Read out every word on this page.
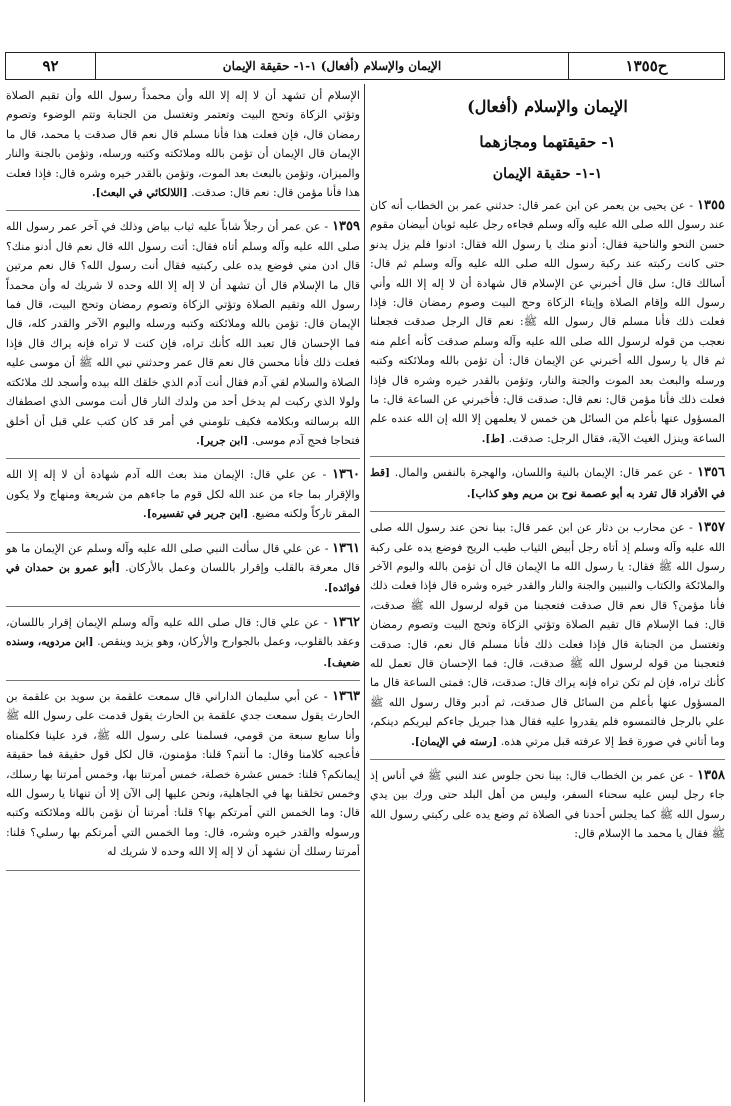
ح١٣٥٥
الإيمان والإسلام (أفعال) ١-١- حقيقة الإيمان
٩٢
الإيمان والإسلام (أفعال)
١- حقيقتهما ومجازهما
١-١- حقيقة الإيمان
١٣٥٥ - عن يحيى بن يعمر عن ابن عمر قال: حدثني عمر بن الخطاب أنه كان عند رسول الله صلى الله عليه وآله وسلم فجاءه رجل عليه ثوبان أبيضان مقوم حسن النحو والناحية فقال: أدنو منك يا رسول الله فقال: ادنوا فلم يزل يدنو حتى كانت ركبته عند ركبة رسول الله صلى الله عليه وآله وسلم ثم قال: أسالك قال: سل قال أخبرني عن الإسلام قال شهادة أن لا إله إلا الله وأني رسول الله وإقام الصلاة وإيتاء الزكاة وحج البيت وصوم رمضان قال: فإذا فعلت ذلك فأنا مسلم قال رسول الله ﷺ: نعم قال الرجل صدقت فجعلنا نعجب من قوله لرسول الله صلى الله عليه وآله وسلم صدقت كأنه أعلم منه ثم قال يا رسول الله أخبرني عن الإيمان قال: أن تؤمن بالله وملائكته وكتبه ورسله والبعث بعد الموت والجنة والنار، وتؤمن بالقدر خيره وشره قال فإذا فعلت ذلك فأنا مؤمن قال: نعم قال: صدقت قال: فأخبرني عن الساعة قال: ما المسؤول عنها بأعلم من السائل هن خمس لا يعلمهن إلا الله إن الله عنده علم الساعة وينزل الغيث الآية، فقال الرجل: صدقت. [ط].
١٣٥٦ - عن عمر قال: الإيمان بالنية واللسان، والهجرة بالنفس والمال. [قط في الأفراد قال تفرد به أبو عصمة نوح بن مريم وهو كذاب].
١٣٥٧ - عن محارب بن دثار عن ابن عمر قال: بينا نحن عند رسول الله صلى الله عليه وآله وسلم إذ أتاه رجل أبيض الثياب طيب الريح فوضع يده على ركبة رسول الله ﷺ فقال: يا رسول الله ما الإيمان قال أن تؤمن بالله واليوم الآخر والملائكة والكتاب والنبيين والجنة والنار والقدر خيره وشره قال فإذا فعلت ذلك فأنا مؤمن؟ قال نعم قال صدقت فتعجبنا من قوله لرسول الله ﷺ صدقت، قال: فما الإسلام قال تقيم الصلاة وتؤتي الزكاة وتحج البيت وتصوم رمضان وتغتسل من الجنابة قال فإذا فعلت ذلك فأنا مسلم قال نعم، قال: صدقت فتعجبنا من قوله لرسول الله ﷺ صدقت، قال: فما الإحسان قال تعمل لله كأنك تراه، فإن لم تكن تراه فإنه يراك قال: صدقت، قال: فمتى الساعة قال ما المسؤول عنها بأعلم من السائل قال صدقت، ثم أدبر وقال رسول الله ﷺ علي بالرجل فالتمسوه فلم يقدروا عليه فقال هذا جبريل جاءكم ليريكم دينكم، وما أتاني في صورة قط إلا عرفته قبل مرتي هذه. [رسته في الإيمان].
١٣٥٨ - عن عمر بن الخطاب قال: بينا نحن جلوس عند النبي ﷺ في أناس إذ جاء رجل ليس عليه سحناء السفر، وليس من أهل البلد حتى ورك بين يدي رسول الله ﷺ كما يجلس أحدنا في الصلاة ثم وضع يده على ركبتي رسول الله ﷺ فقال يا محمد ما الإسلام قال:
الإسلام أن تشهد أن لا إله إلا الله وأن محمداً رسول الله وأن تقيم الصلاة وتؤتي الزكاة وتحج البيت وتعتمر وتغتسل من الجنابة وتتم الوضوء وتصوم رمضان قال، فإن فعلت هذا فأنا مسلم قال نعم قال صدقت يا محمد، قال ما الإيمان قال الإيمان أن تؤمن بالله وملائكته وكتبه ورسله، وتؤمن بالجنة والنار والميزان، وتؤمن بالبعث بعد الموت، وتؤمن بالقدر خيره وشره قال: فإذا فعلت هذا فأنا مؤمن قال: نعم قال: صدقت. [اللالكائي في البعث].
١٣٥٩ - عن عمر أن رجلاً شاباً عليه ثياب بياض وذلك في آخر عمر رسول الله صلى الله عليه وآله وسلم أتاه فقال: أتت رسول الله قال نعم قال أدنو منك؟ قال ادن مني فوضع يده على ركبتيه فقال أنت رسول الله؟ قال نعم مرتين قال ما الإسلام قال أن تشهد أن لا إله إلا الله وحده لا شريك له وأن محمداً رسول الله وتقيم الصلاة وتؤتي الزكاة وتصوم رمضان وتحج البيت، قال فما الإيمان قال: تؤمن بالله وملائكته وكتبه ورسله واليوم الآخر والقدر كله، قال فما الإحسان قال تعبد الله كأنك تراه، فإن كنت لا تراه فإنه يراك قال فإذا فعلت ذلك فأنا محسن قال نعم قال عمر وحدثني نبي الله ﷺ أن موسى عليه الصلاة والسلام لقي آدم فقال أنت آدم الذي خلقك الله بيده وأسجد لك ملائكته ولولا الذي ركبت لم يدخل أحد من ولدك النار قال أنت موسى الذي اصطفاك الله برسالته وبكلامه فكيف تلومني في أمر قد كان كتب علي قبل أن أخلق فتحاجا فحج آدم موسى. [ابن جرير].
١٣٦٠ - عن علي قال: الإيمان منذ بعث الله آدم شهادة أن لا إله إلا الله والإقرار بما جاء من عند الله لكل قوم ما جاءهم من شريعة ومنهاج ولا يكون المقر تاركاً ولكنه مضيع. [ابن جرير في تفسيره].
١٣٦١ - عن علي قال سألت النبي صلى الله عليه وآله وسلم عن الإيمان ما هو قال معرفة بالقلب وإقرار باللسان وعمل بالأركان. [أبو عمرو بن حمدان في فوائده].
١٣٦٢ - عن علي قال: قال صلى الله عليه وآله وسلم الإيمان إقرار باللسان، وعقد بالقلوب، وعمل بالجوارح والأركان، وهو يزيد وينقص. [ابن مردويه، وسنده ضعيف].
١٣٦٣ - عن أبي سليمان الداراني قال سمعت علقمة بن سويد بن علقمة بن الحارث يقول سمعت جدي علقمة بن الحارث يقول قدمت على رسول الله ﷺ وأنا سابع سبعة من قومي، فسلمنا على رسول الله ﷺ، فرد علينا فكلمناه فأعجبه كلامنا وقال: ما أنتم؟ قلنا: مؤمنون، قال لكل قول حقيقة فما حقيقة إيمانكم؟ قلنا: خمس عشرة خصلة، خمس أمرتنا بها، وخمس أمرتنا بها رسلك، وخمس تخلقنا بها في الجاهلية، ونحن عليها إلى الآن إلا أن تنهانا يا رسول الله قال: وما الخمس التي أمرتكم بها؟ قلنا: أمرتنا أن نؤمن بالله وملائكته وكتبه ورسوله والقدر خيره وشره، قال: وما الخمس التي أمرتكم بها رسلي؟ قلنا: أمرتنا رسلك أن نشهد أن لا إله إلا الله وحده لا شريك له
